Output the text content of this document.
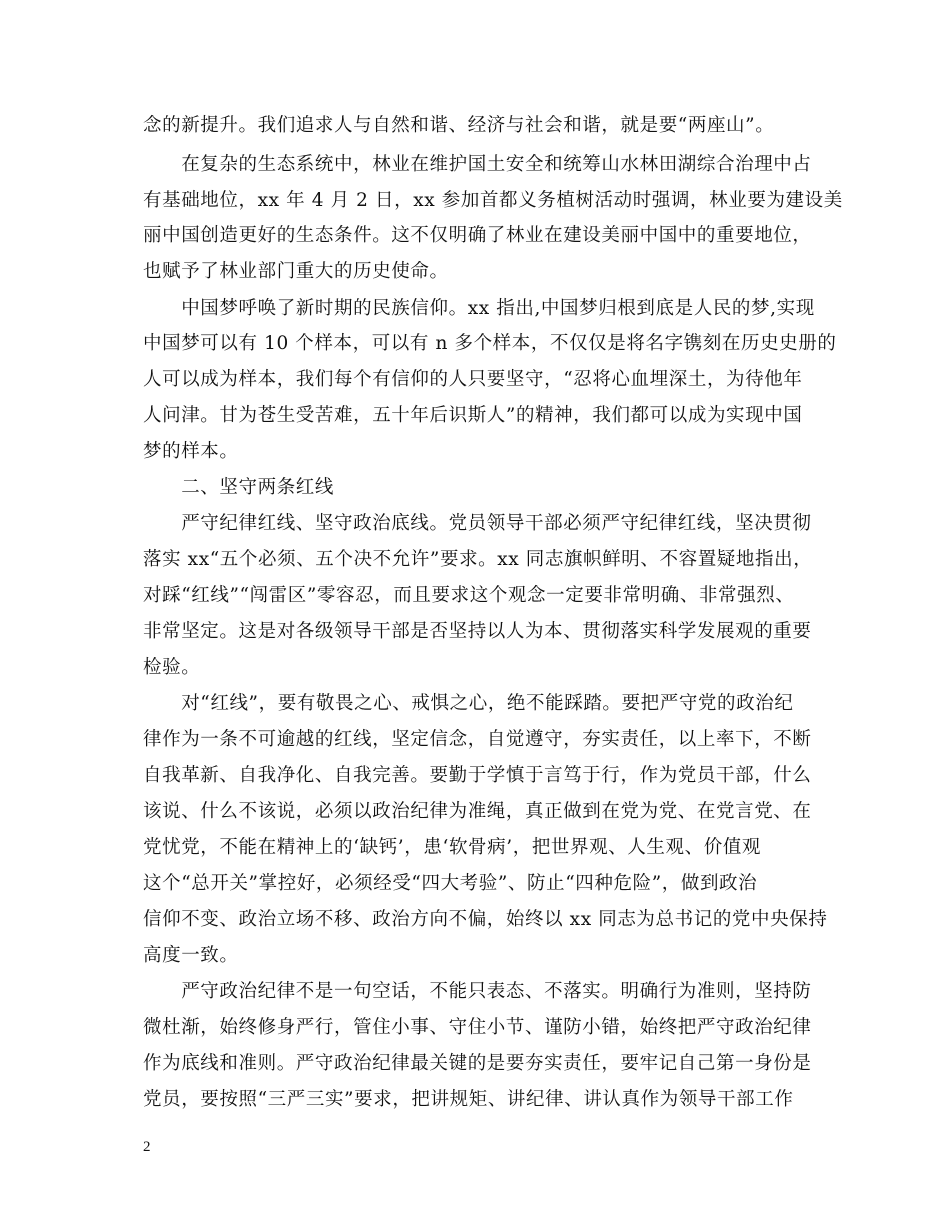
念的新提升。我们追求人与自然和谐、经济与社会和谐，就是要“两座山”。
　　在复杂的生态系统中，林业在维护国土安全和统筹山水林田湖综合治理中占
有基础地位，xx 年 4 月 2 日，xx 参加首都义务植树活动时强调，林业要为建设美
丽中国创造更好的生态条件。这不仅明确了林业在建设美丽中国中的重要地位，
也赋予了林业部门重大的历史使命。
　　中国梦呼唤了新时期的民族信仰。xx 指出,中国梦归根到底是人民的梦,实现
中国梦可以有 10 个样本，可以有 n 多个样本，不仅仅是将名字镌刻在历史史册的
人可以成为样本，我们每个有信仰的人只要坚守，“忍将心血埋深土，为待他年
人问津。甘为苍生受苦难，五十年后识斯人”的精神，我们都可以成为实现中国
梦的样本。
　　二、坚守两条红线
　　严守纪律红线、坚守政治底线。党员领导干部必须严守纪律红线，坚决贯彻
落实 xx“五个必须、五个决不允许”要求。xx 同志旗帜鲜明、不容置疑地指出，
对踩“红线”“闯雷区”零容忍，而且要求这个观念一定要非常明确、非常强烈、
非常坚定。这是对各级领导干部是否坚持以人为本、贯彻落实科学发展观的重要
检验。
　　对“红线”，要有敬畏之心、戒惧之心，绝不能踩踏。要把严守党的政治纪
律作为一条不可逾越的红线，坚定信念，自觉遵守，夯实责任，以上率下，不断
自我革新、自我净化、自我完善。要勤于学慎于言笃于行，作为党员干部，什么
该说、什么不该说，必须以政治纪律为准绳，真正做到在党为党、在党言党、在
党忧党，不能在精神上的‘缺钙’，患‘软骨病’，把世界观、人生观、价值观
这个“总开关”掌控好，必须经受“四大考验”、防止“四种危险”，做到政治
信仰不变、政治立场不移、政治方向不偏，始终以 xx 同志为总书记的党中央保持
高度一致。
　　严守政治纪律不是一句空话，不能只表态、不落实。明确行为准则，坚持防
微杜渐，始终修身严行，管住小事、守住小节、谨防小错，始终把严守政治纪律
作为底线和准则。严守政治纪律最关键的是要夯实责任，要牢记自己第一身份是
党员，要按照“三严三实”要求，把讲规矩、讲纪律、讲认真作为领导干部工作
2
